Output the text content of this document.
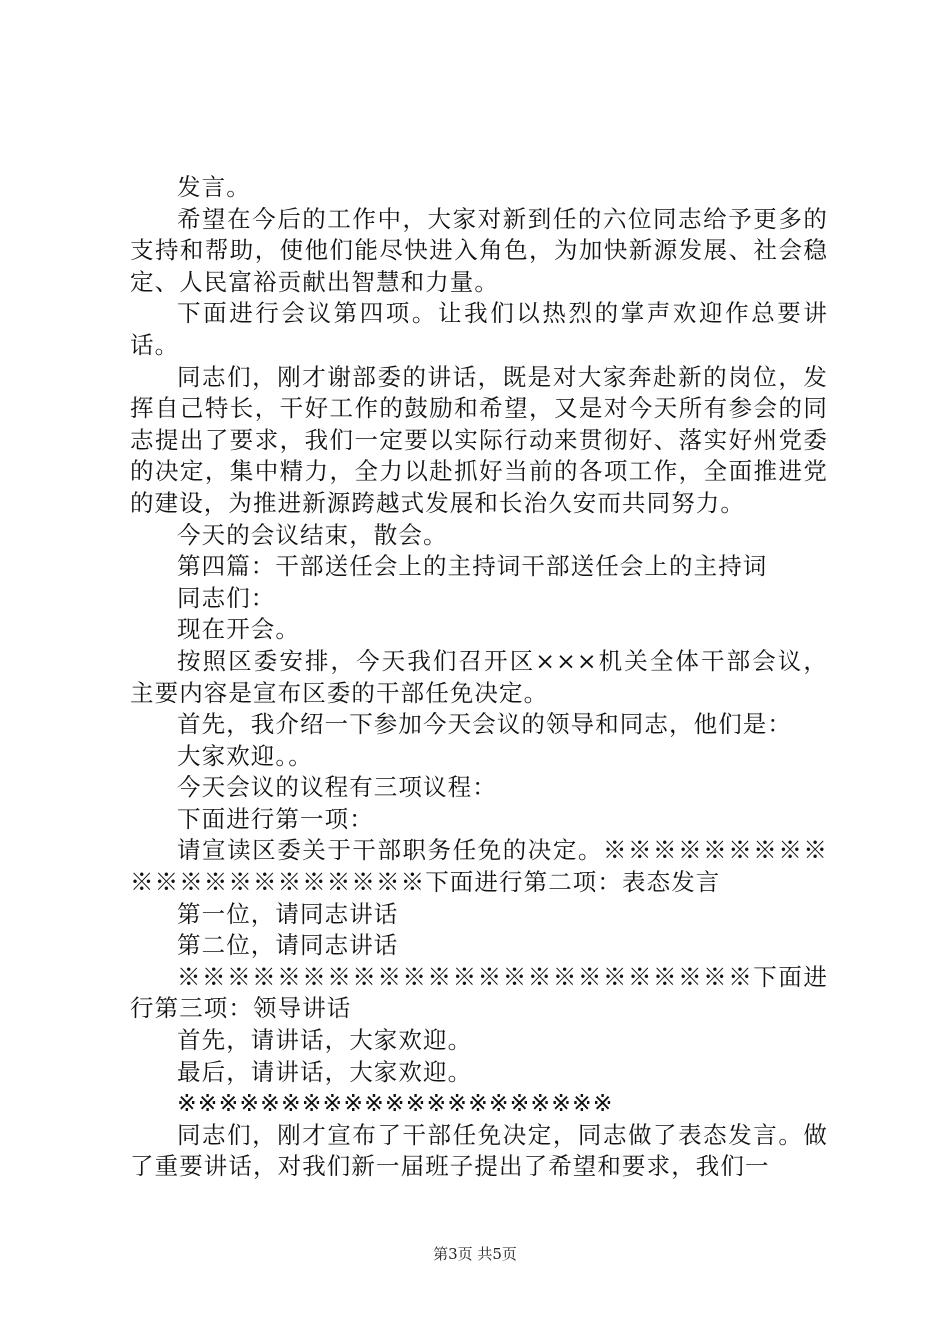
发言。

希望在今后的工作中，大家对新到任的六位同志给予更多的支持和帮助，使他们能尽快进入角色，为加快新源发展、社会稳定、人民富裕贡献出智慧和力量。

下面进行会议第四项。让我们以热烈的掌声欢迎作总要讲话。

同志们，刚才谢部委的讲话，既是对大家奔赴新的岗位，发挥自己特长，干好工作的鼓励和希望，又是对今天所有参会的同志提出了要求，我们一定要以实际行动来贯彻好、落实好州党委的决定，集中精力，全力以赴抓好当前的各项工作，全面推进党的建设，为推进新源跨越式发展和长治久安而共同努力。

今天的会议结束，散会。

第四篇：干部送任会上的主持词干部送任会上的主持词

同志们：

现在开会。

按照区委安排，今天我们召开区×××机关全体干部会议，主要内容是宣布区委的干部任免决定。

首先，我介绍一下参加今天会议的领导和同志，他们是：

大家欢迎。。

今天会议的议程有三项议程：

下面进行第一项：

请宣读区委关于干部职务任免的决定。※※※※※※※※※※※※※※※※※※※※※下面进行第二项：表态发言

第一位，请同志讲话

第二位，请同志讲话

※※※※※※※※※※※※※※※※※※※※※※※下面进行第三项：领导讲话

首先，请讲话，大家欢迎。

最后，请讲话，大家欢迎。

※※※※※※※※※※※※※※※※※※※※※

同志们，刚才宣布了干部任免决定，同志做了表态发言。做了重要讲话，对我们新一届班子提出了希望和要求，我们一

第3页 共5页
